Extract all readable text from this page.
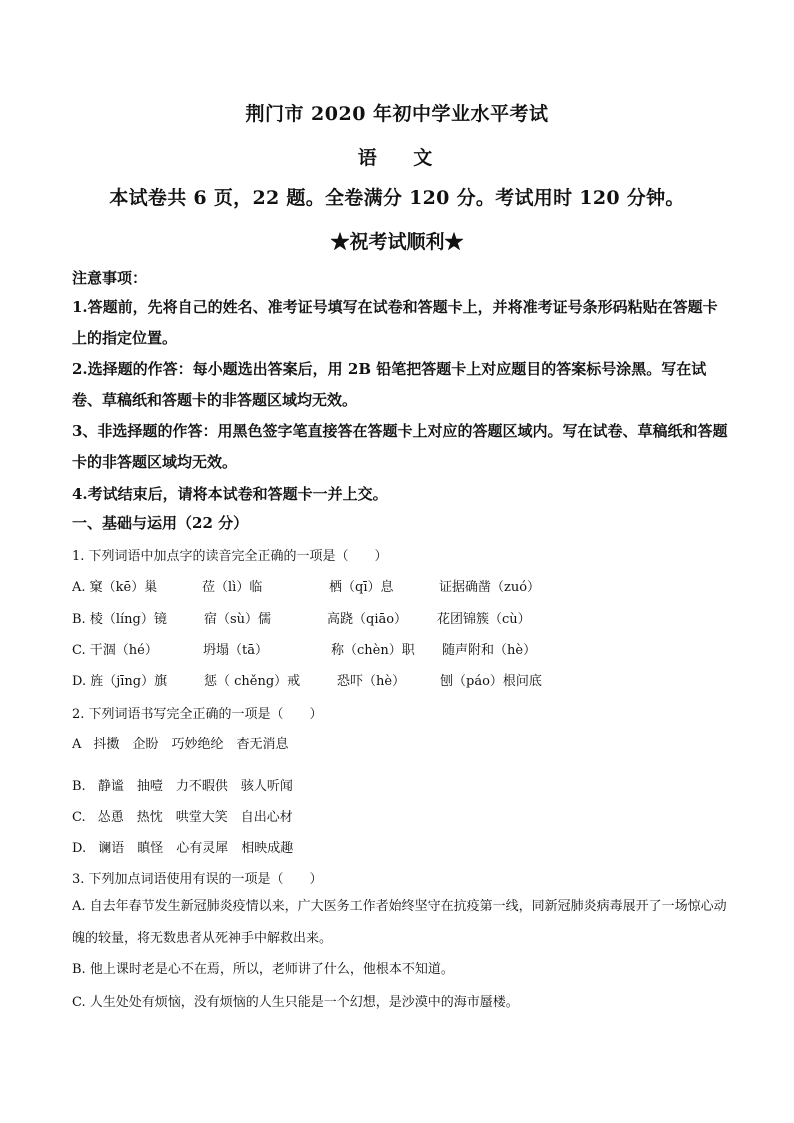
荆门市 2020 年初中学业水平考试
语 文
本试卷共 6 页，22 题。全卷满分 120 分。考试用时 120 分钟。
★祝考试顺利★
注意事项：
1.答题前，先将自己的姓名、准考证号填写在试卷和答题卡上，并将准考证号条形码粘贴在答题卡上的指定位置。
2.选择题的作答：每小题选出答案后，用 2B 铅笔把答题卡上对应题目的答案标号涂黑。写在试卷、草稿纸和答题卡的非答题区域均无效。
3、非选择题的作答：用黑色签字笔直接答在答题卡上对应的答题区域内。写在试卷、草稿纸和答题卡的非答题区域均无效。
4.考试结束后，请将本试卷和答题卡一并上交。
一、基础与运用（22 分）
1. 下列词语中加点字的读音完全正确的一项是（　　）
A. 窠（kē）巢	莅（lì）临	栖（qī）息	证据确凿（zuó）
B. 棱（líng）镜	宿（sù）儒	高跷（qiāo） 花团锦簇（cù）
C. 干涸（hé）	坍塌（tā）	称（chèn）职 随声附和（hè）
D. 旌（jīng）旗	惩（ chěng）戒	恐吓（hè）	刨（páo）根问底
2. 下列词语书写完全正确的一项是（　　）
A 抖擞　企盼　巧妙绝纶　杳无消息
B. 静谧　抽噎　力不暇供　骇人听闻
C. 怂恿　热忱　哄堂大笑　自出心材
D. 谰语　瞋怪　心有灵犀　相映成趣
3. 下列加点词语使用有误的一项是（　　）
A. 自去年春节发生新冠肺炎疫情以来，广大医务工作者始终坚守在抗疫第一线，同新冠肺炎病毒展开了一场惊心动魄的较量，将无数患者从死神手中解救出来。
B. 他上课时老是心不在焉，所以，老师讲了什么，他根本不知道。
C. 人生处处有烦恼，没有烦恼的人生只能是一个幻想，是沙漠中的海市蜃楼。
